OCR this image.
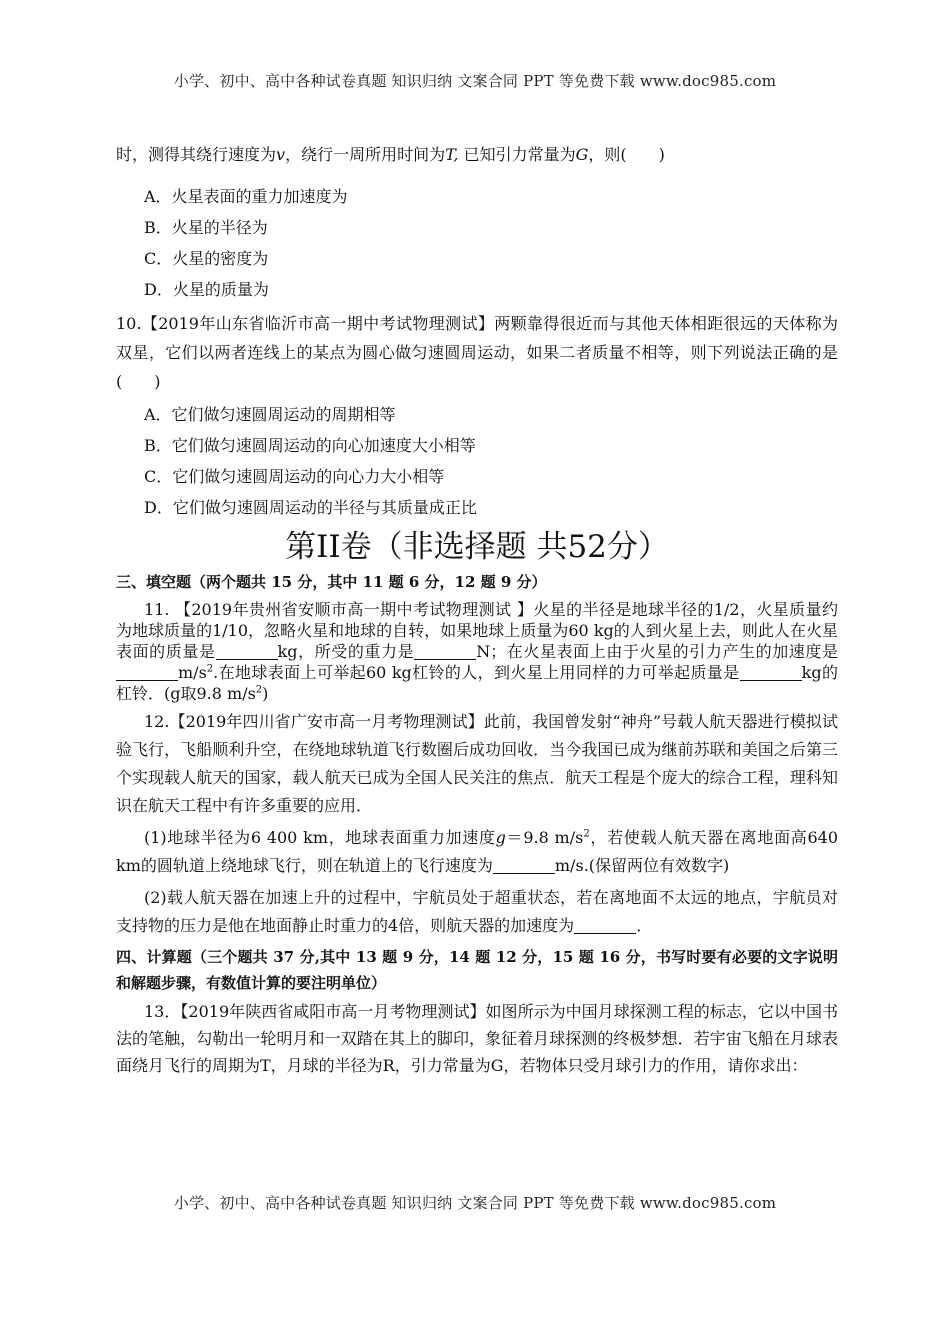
小学、初中、高中各种试卷真题 知识归纳 文案合同 PPT 等免费下载 www.doc985.com

时，测得其绕行速度为v，绕行一周所用时间为T, 已知引力常量为G，则(　　)

A．火星表面的重力加速度为

B．火星的半径为

C．火星的密度为

D．火星的质量为

10.【2019年山东省临沂市高一期中考试物理测试】两颗靠得很近而与其他天体相距很远的天体称为双星，它们以两者连线上的某点为圆心做匀速圆周运动，如果二者质量不相等，则下列说法正确的是(　　)

A．它们做匀速圆周运动的周期相等

B．它们做匀速圆周运动的向心加速度大小相等

C．它们做匀速圆周运动的向心力大小相等

D．它们做匀速圆周运动的半径与其质量成正比

第II卷（非选择题 共52分）

三、填空题（两个题共 15 分，其中 11 题 6 分，12 题 9 分）

11. 【2019年贵州省安顺市高一期中考试物理测试 】火星的半径是地球半径的1/2，火星质量约为地球质量的1/10，忽略火星和地球的自转，如果地球上质量为60 kg的人到火星上去，则此人在火星表面的质量是	kg，所受的重力是	N；在火星表面上由于火星的引力产生的加速度是$m/s^2$.在地球表面上可举起60 kg杠铃的人，到火星上用同样的力可举起质量是	kg的杠铃．(g取9.8 $m/s^2$)

12.【2019年四川省广安市高一月考物理测试】此前，我国曾发射“神舟”号载人航天器进行模拟试验飞行，飞船顺利升空，在绕地球轨道飞行数圈后成功回收．当今我国已成为继前苏联和美国之后第三个实现载人航天的国家，载人航天已成为全国人民关注的焦点．航天工程是个庞大的综合工程，理科知识在航天工程中有许多重要的应用．

(1)地球半径为6 400 km，地球表面重力加速度g＝9.8 $m/s^2$，若使载人航天器在离地面高640 km的圆轨道上绕地球飞行，则在轨道上的飞行速度为	m/s.(保留两位有效数字)

(2)载人航天器在加速上升的过程中，宇航员处于超重状态，若在离地面不太远的地点，宇航员对支持物的压力是他在地面静止时重力的4倍，则航天器的加速度为	．

四、计算题（三个题共 37 分,其中 13 题 9 分，14 题 12 分，15 题 16 分，书写时要有必要的文字说明和解题步骤，有数值计算的要注明单位）

13．【2019年陕西省咸阳市高一月考物理测试】如图所示为中国月球探测工程的标志，它以中国书法的笔触，勾勒出一轮明月和一双踏在其上的脚印，象征着月球探测的终极梦想．若宇宙飞船在月球表面绕月飞行的周期为T，月球的半径为R，引力常量为G，若物体只受月球引力的作用，请你求出：

小学、初中、高中各种试卷真题 知识归纳 文案合同 PPT 等免费下载 www.doc985.com
